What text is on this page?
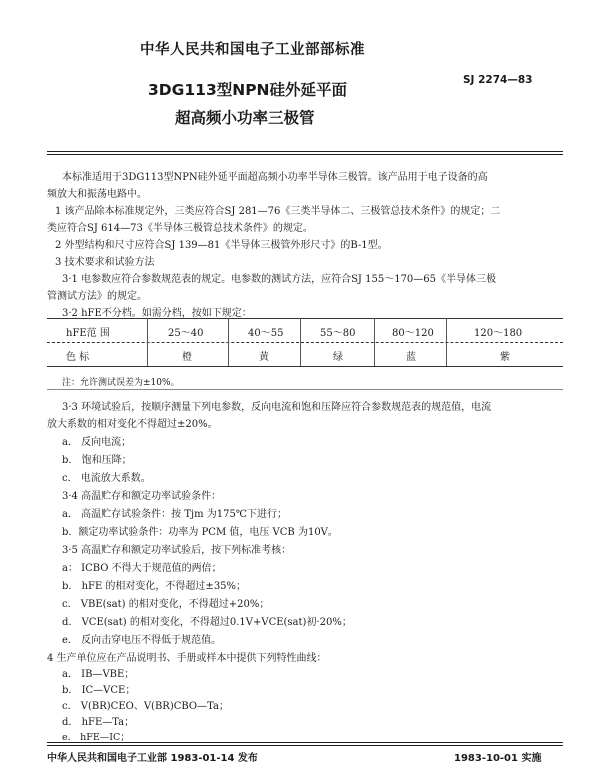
中华人民共和国电子工业部部标准
3DG113型NPN硅外延平面
超高频小功率三极管
SJ 2274—83
本标准适用于3DG113型NPN硅外延平面超高频小功率半导体三极管。该产品用于电子设备的高
频放大和振荡电路中。
1 该产品除本标准规定外，三类应符合SJ 281—76《三类半导体二、三极管总技术条件》的规定；二
类应符合SJ 614—73《半导体三极管总技术条件》的规定。
2 外型结构和尺寸应符合SJ 139—81《半导体三极管外形尺寸》的B-1型。
3 技术要求和试验方法
3·1 电参数应符合参数规范表的规定。电参数的测试方法，应符合SJ 155～170—65《半导体三极
管测试方法》的规定。
3·2 hFE不分档。如需分档，按如下规定：
hFE范 围	25～40	40～55	55～80	80～120	120～180
色 标	橙	黄	绿	蓝	紫
注：允许测试误差为±10%。
3·3 环境试验后，按顺序测量下列电参数，反向电流和饱和压降应符合参数规范表的规范值，电流
放大系数的相对变化不得超过±20%。
a． 反向电流；
b． 饱和压降；
c． 电流放大系数。
3·4 高温贮存和额定功率试验条件：
a． 高温贮存试验条件：按 Tjm 为175℃下进行；
b．额定功率试验条件：功率为 PCM 值，电压 VCB 为10V。
3·5 高温贮存和额定功率试验后，按下列标准考核：
a： ICBO 不得大于规范值的两倍；
b． hFE 的相对变化，不得超过±35%；
c． VBE(sat) 的相对变化，不得超过+20%；
d． VCE(sat) 的相对变化，不得超过0.1V+VCE(sat)初·20%；
e． 反向击穿电压不得低于规范值。
4 生产单位应在产品说明书、手册或样本中提供下列特性曲线：
a． IB—VBE；
b． IC—VCE；
c． V(BR)CEO、V(BR)CBO—Ta；
d． hFE—Ta；
中华人民共和国电子工业部 1983-01-14 发布	1983-10-01 实施
e． hFE—IC；
